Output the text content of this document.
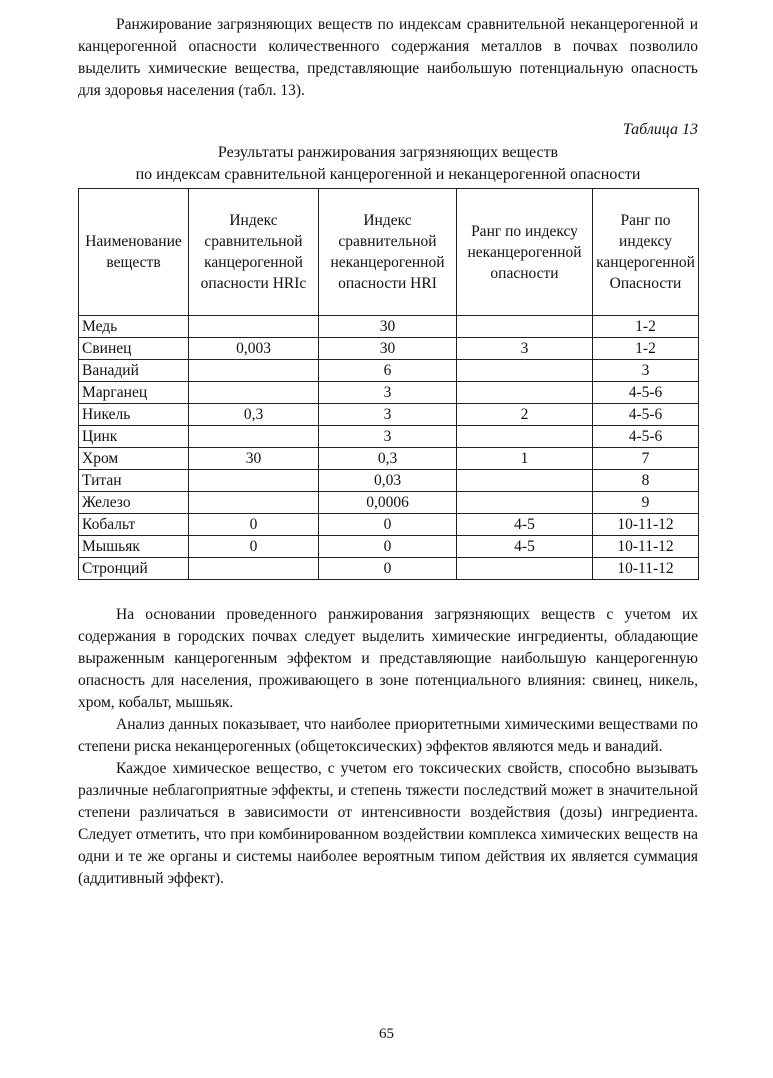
Ранжирование загрязняющих веществ по индексам сравнительной неканцерогенной и канцерогенной опасности количественного содержания металлов в почвах позволило выделить химические вещества, представляющие наибольшую потенциальную опасность для здоровья населения (табл. 13).

Таблица 13
Результаты ранжирования загрязняющих веществ
по индексам сравнительной канцерогенной и неканцерогенной опасности
Наименование веществ	Индекс сравнительной канцерогенной опасности HRIc	Индекс сравнительной неканцерогенной опасности HRI	Ранг по индексу неканцерогенной опасности	Ранг по индексу канцерогенной Опасности
Медь		30		1-2
Свинец	0,003	30	3	1-2
Ванадий		6		3
Марганец		3		4-5-6
Никель	0,3	3	2	4-5-6
Цинк		3		4-5-6
Хром	30	0,3	1	7
Титан		0,03		8
Железо		0,0006		9
Кобальт	0	0	4-5	10-11-12
Мышьяк	0	0	4-5	10-11-12
Стронций		0		10-11-12

На основании проведенного ранжирования загрязняющих веществ с учетом их содержания в городских почвах следует выделить химические ингредиенты, обладающие выраженным канцерогенным эффектом и представляющие наибольшую канцерогенную опасность для населения, проживающего в зоне потенциального влияния: свинец, никель, хром, кобальт, мышьяк.

Анализ данных показывает, что наиболее приоритетными химическими веществами по степени риска неканцерогенных (общетоксических) эффектов являются медь и ванадий.

Каждое химическое вещество, с учетом его токсических свойств, способно вызывать различные неблагоприятные эффекты, и степень тяжести последствий может в значительной степени различаться в зависимости от интенсивности воздействия (дозы) ингредиента. Следует отметить, что при комбинированном воздействии комплекса химических веществ на одни и те же органы и системы наиболее вероятным типом действия их является суммация (аддитивный эффект).

65
